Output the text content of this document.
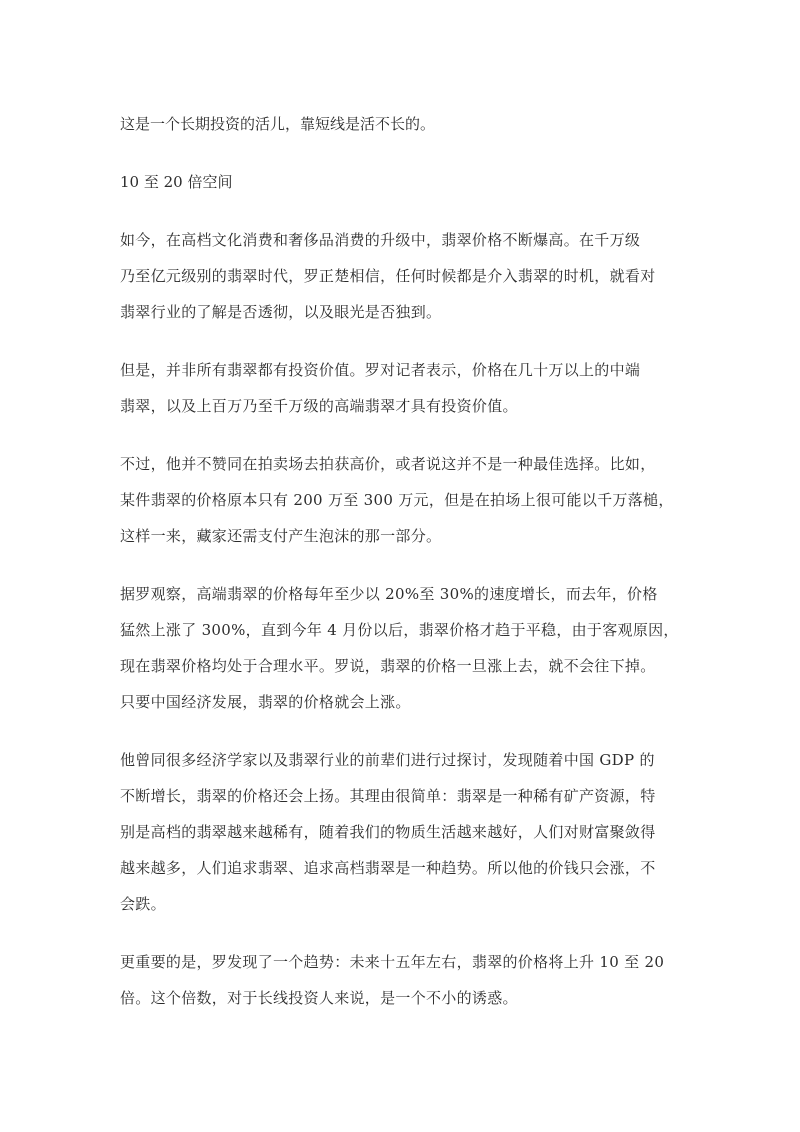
这是一个长期投资的活儿，靠短线是活不长的。

10 至 20 倍空间

如今，在高档文化消费和奢侈品消费的升级中，翡翠价格不断爆高。在千万级
乃至亿元级别的翡翠时代，罗正楚相信，任何时候都是介入翡翠的时机，就看对
翡翠行业的了解是否透彻，以及眼光是否独到。

但是，并非所有翡翠都有投资价值。罗对记者表示，价格在几十万以上的中端
翡翠，以及上百万乃至千万级的高端翡翠才具有投资价值。

不过，他并不赞同在拍卖场去拍获高价，或者说这并不是一种最佳选择。比如，
某件翡翠的价格原本只有 200 万至 300 万元，但是在拍场上很可能以千万落槌，
这样一来，藏家还需支付产生泡沫的那一部分。

据罗观察，高端翡翠的价格每年至少以 20%至 30%的速度增长，而去年，价格
猛然上涨了 300%，直到今年 4 月份以后，翡翠价格才趋于平稳，由于客观原因，
现在翡翠价格均处于合理水平。罗说，翡翠的价格一旦涨上去，就不会往下掉。
只要中国经济发展，翡翠的价格就会上涨。

他曾同很多经济学家以及翡翠行业的前辈们进行过探讨，发现随着中国 GDP 的
不断增长，翡翠的价格还会上扬。其理由很简单：翡翠是一种稀有矿产资源，特
别是高档的翡翠越来越稀有，随着我们的物质生活越来越好，人们对财富聚敛得
越来越多，人们追求翡翠、追求高档翡翠是一种趋势。所以他的价钱只会涨，不
会跌。

更重要的是，罗发现了一个趋势：未来十五年左右，翡翠的价格将上升 10 至 20
倍。这个倍数，对于长线投资人来说，是一个不小的诱惑。
